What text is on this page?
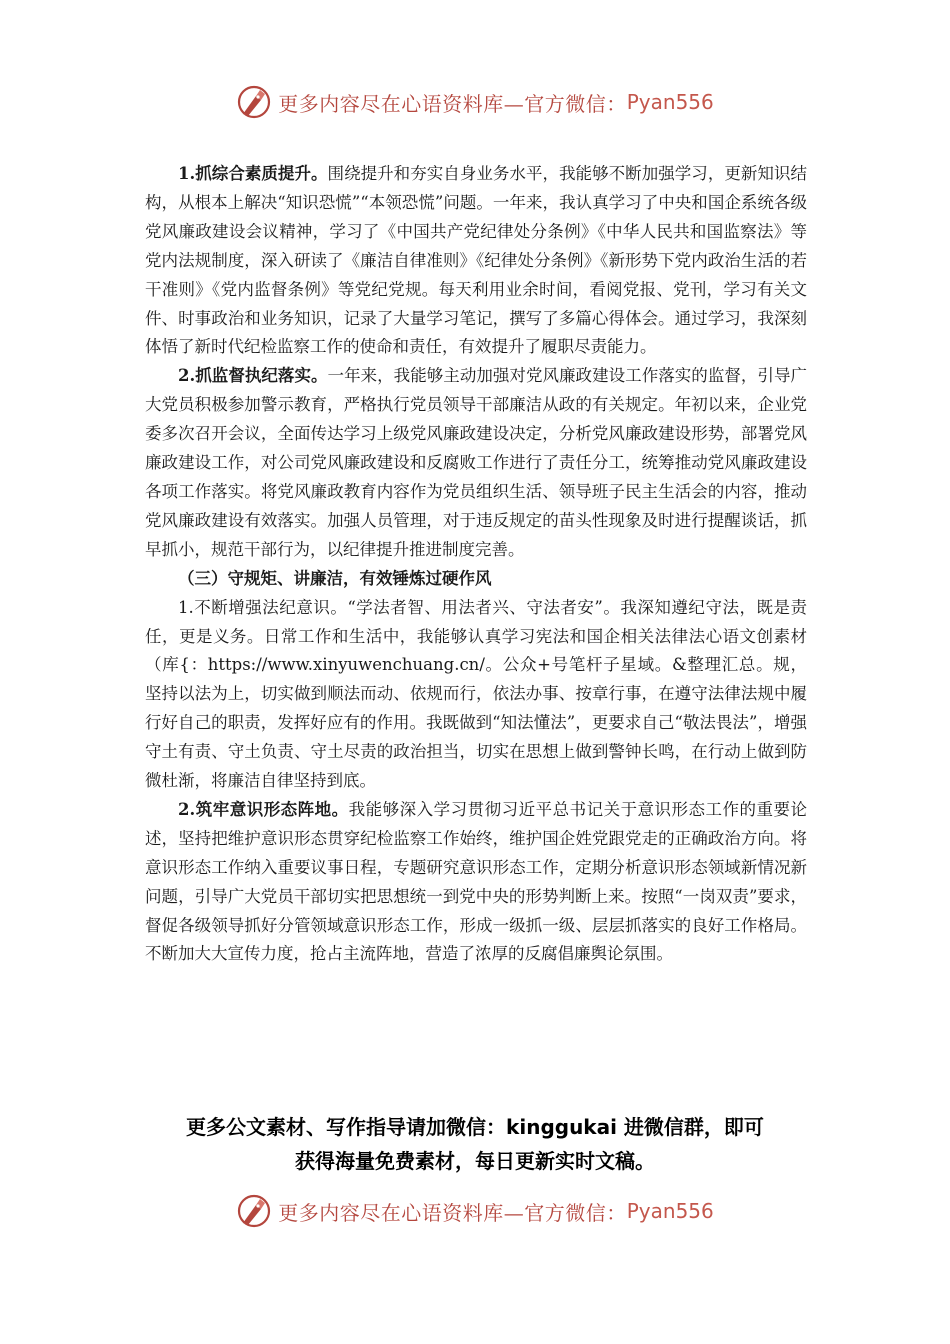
更多内容尽在心语资料库—官方微信： Pyan556

1.抓综合素质提升。围绕提升和夯实自身业务水平，我能够不断加强学习，更新知识结构，从根本上解决“知识恐慌”“本领恐慌”问题。一年来，我认真学习了中央和国企系统各级党风廉政建设会议精神，学习了《中国共产党纪律处分条例》《中华人民共和国监察法》等党内法规制度，深入研读了《廉洁自律准则》《纪律处分条例》《新形势下党内政治生活的若干准则》《党内监督条例》等党纪党规。每天利用业余时间，看阅党报、党刊，学习有关文件、时事政治和业务知识，记录了大量学习笔记，撰写了多篇心得体会。通过学习，我深刻体悟了新时代纪检监察工作的使命和责任，有效提升了履职尽责能力。

2.抓监督执纪落实。一年来，我能够主动加强对党风廉政建设工作落实的监督，引导广大党员积极参加警示教育，严格执行党员领导干部廉洁从政的有关规定。年初以来，企业党委多次召开会议，全面传达学习上级党风廉政建设决定，分析党风廉政建设形势，部署党风廉政建设工作，对公司党风廉政建设和反腐败工作进行了责任分工，统筹推动党风廉政建设各项工作落实。将党风廉政教育内容作为党员组织生活、领导班子民主生活会的内容，推动党风廉政建设有效落实。加强人员管理，对于违反规定的苗头性现象及时进行提醒谈话，抓早抓小，规范干部行为，以纪律提升推进制度完善。

（三）守规矩、讲廉洁，有效锤炼过硬作风

1.不断增强法纪意识。“学法者智、用法者兴、守法者安”。我深知遵纪守法，既是责任，更是义务。日常工作和生活中，我能够认真学习宪法和国企相关法律法心语文创素材（库{：https://www.xinyuwenchuang.cn/。公众+号笔杆子星域。&整理汇总。规，坚持以法为上，切实做到顺法而动、依规而行，依法办事、按章行事，在遵守法律法规中履行好自己的职责，发挥好应有的作用。我既做到“知法懂法”，更要求自己“敬法畏法”，增强守土有责、守土负责、守土尽责的政治担当，切实在思想上做到警钟长鸣，在行动上做到防微杜渐，将廉洁自律坚持到底。

2.筑牢意识形态阵地。我能够深入学习贯彻习近平总书记关于意识形态工作的重要论述，坚持把维护意识形态贯穿纪检监察工作始终，维护国企姓党跟党走的正确政治方向。将意识形态工作纳入重要议事日程，专题研究意识形态工作，定期分析意识形态领域新情况新问题，引导广大党员干部切实把思想统一到党中央的形势判断上来。按照“一岗双责”要求，督促各级领导抓好分管领域意识形态工作，形成一级抓一级、层层抓落实的良好工作格局。不断加大大宣传力度，抢占主流阵地，营造了浓厚的反腐倡廉舆论氛围。

更多公文素材、写作指导请加微信：kinggukai 进微信群，即可
获得海量免费素材，每日更新实时文稿。
更多内容尽在心语资料库—官方微信： Pyan556
